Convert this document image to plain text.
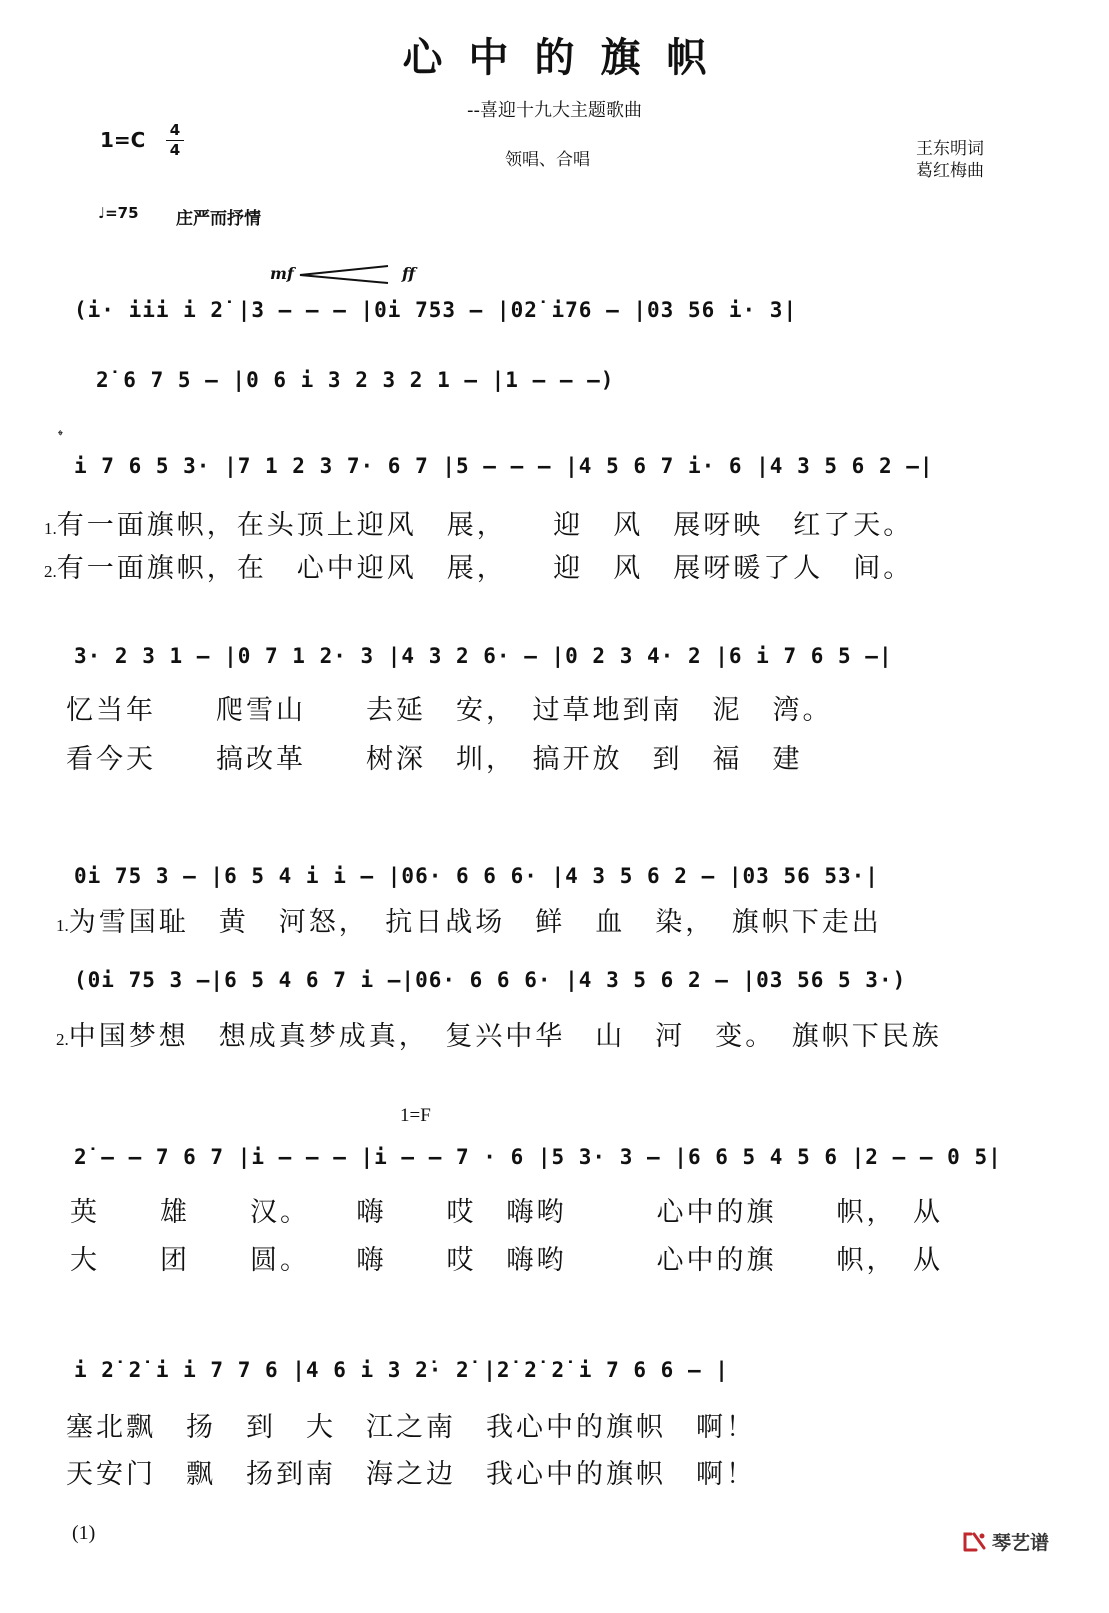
心中的旗帜
--喜迎十九大主题歌曲
1=C 4
4	领唱、合唱
王东明词
葛红梅曲
♩=75 庄严而抒情
mf	ff
(i· iii i 2̇ |3 – – – |0i 753 – |02̇ i76 – |03 56 i· 3|
2̇ 6 7 5 – |0 6 i 3 2 3 2 1 – |1 – – –)
𝄌
i 7 6 5 3· |7 1 2 3 7· 6 7 |5 – – – |4 5 6 7 i· 6 |4 3 5 6 2 –|
1.有一面旗帜，在头顶上迎风　展，　　迎　风　展呀映　红了天。
2.有一面旗帜，在　心中迎风　展，　　迎　风　展呀暖了人　间。
3· 2 3 1 – |0 7 1 2· 3 |4 3 2 6· – |0 2 3 4· 2 |6 i 7 6 5 –|
忆当年　　爬雪山　　去延　安，　过草地到南　泥　湾。
看今天　　搞改革　　树深　圳，　搞开放　到　福　建
0i 75 3 – |6 5 4 i i – |06· 6 6 6· |4 3 5 6 2 – |03 56 53·|
1.为雪国耻　黄　河怒，　抗日战场　鲜　血　染，　旗帜下走出
(0i 75 3 –|6 5 4 6 7 i –|06· 6 6 6· |4 3 5 6 2 – |03 56 5 3·)
2.中国梦想　想成真梦成真，　复兴中华　山　河　变。　旗帜下民族
1=F
2̇ – – 7 6 7 |i – – – |i – – 7 · 6 |5 3· 3 – |6 6 5 4 5 6 |2 – – 0 5|
英　　雄　　汉。　　嗨　　哎　嗨哟　　　心中的旗　　帜，　从
大　　团　　圆。　　嗨　　哎　嗨哟　　　心中的旗　　帜，　从
i 2̇ 2̇ i i 7 7 6 |4 6 i 3 2̇· 2̇ |2̇ 2̇ 2̇ i 7 6 6 – |
塞北飘　扬　到　大　江之南　我心中的旗帜　啊！
天安门　飘　扬到南　海之边　我心中的旗帜　啊！
(1)	琴艺谱
